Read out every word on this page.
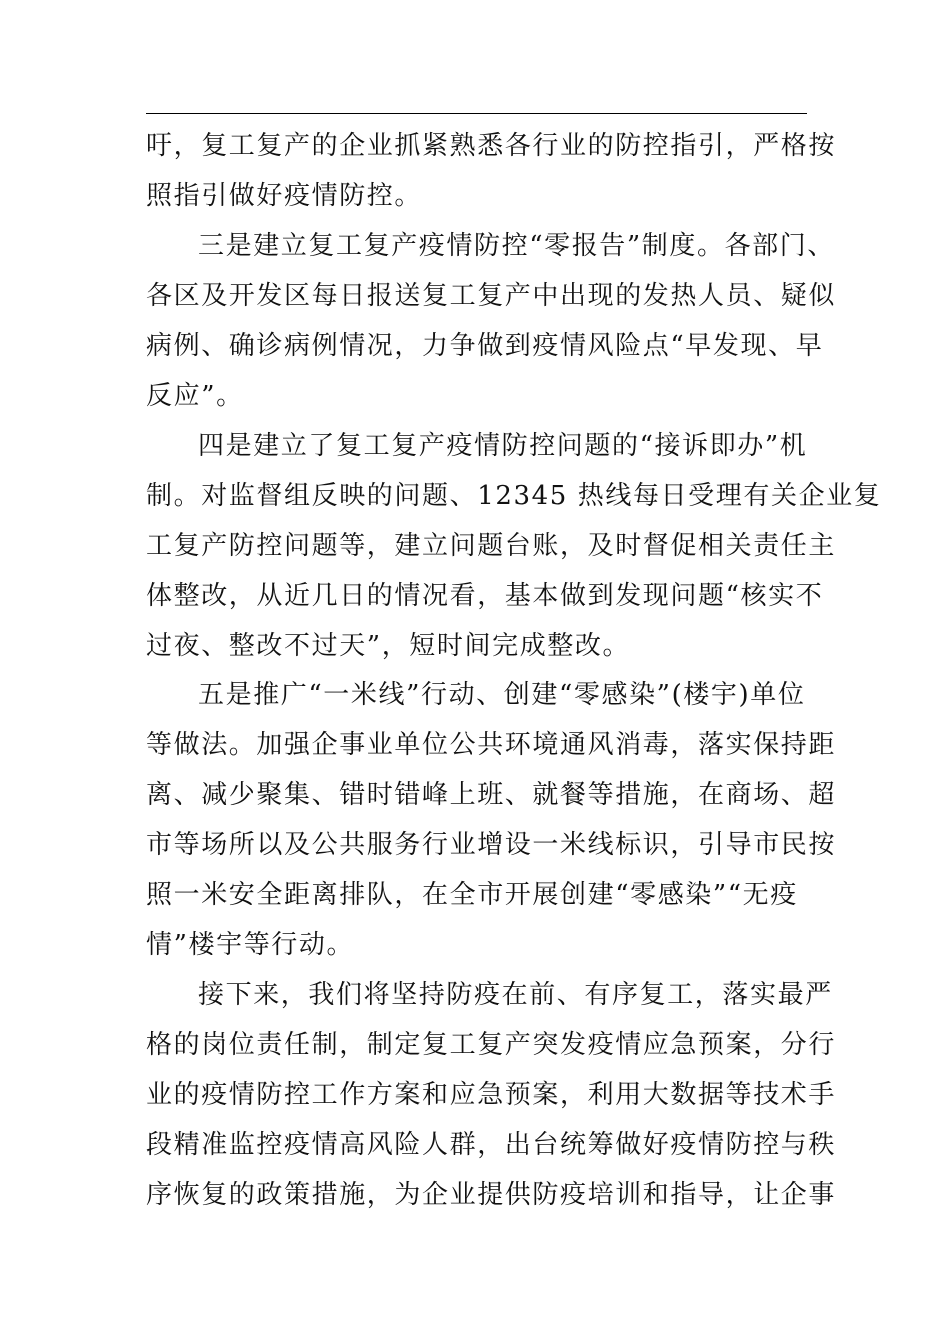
吁，复工复产的企业抓紧熟悉各行业的防控指引，严格按
照指引做好疫情防控。
三是建立复工复产疫情防控“零报告”制度。各部门、
各区及开发区每日报送复工复产中出现的发热人员、疑似
病例、确诊病例情况，力争做到疫情风险点“早发现、早
反应”。
四是建立了复工复产疫情防控问题的“接诉即办”机
制。对监督组反映的问题、12345 热线每日受理有关企业复
工复产防控问题等，建立问题台账，及时督促相关责任主
体整改，从近几日的情况看，基本做到发现问题“核实不
过夜、整改不过天”，短时间完成整改。
五是推广“一米线”行动、创建“零感染”(楼宇)单位
等做法。加强企事业单位公共环境通风消毒，落实保持距
离、减少聚集、错时错峰上班、就餐等措施，在商场、超
市等场所以及公共服务行业增设一米线标识，引导市民按
照一米安全距离排队，在全市开展创建“零感染”“无疫
情”楼宇等行动。
接下来，我们将坚持防疫在前、有序复工，落实最严
格的岗位责任制，制定复工复产突发疫情应急预案，分行
业的疫情防控工作方案和应急预案，利用大数据等技术手
段精准监控疫情高风险人群，出台统筹做好疫情防控与秩
序恢复的政策措施，为企业提供防疫培训和指导，让企事
